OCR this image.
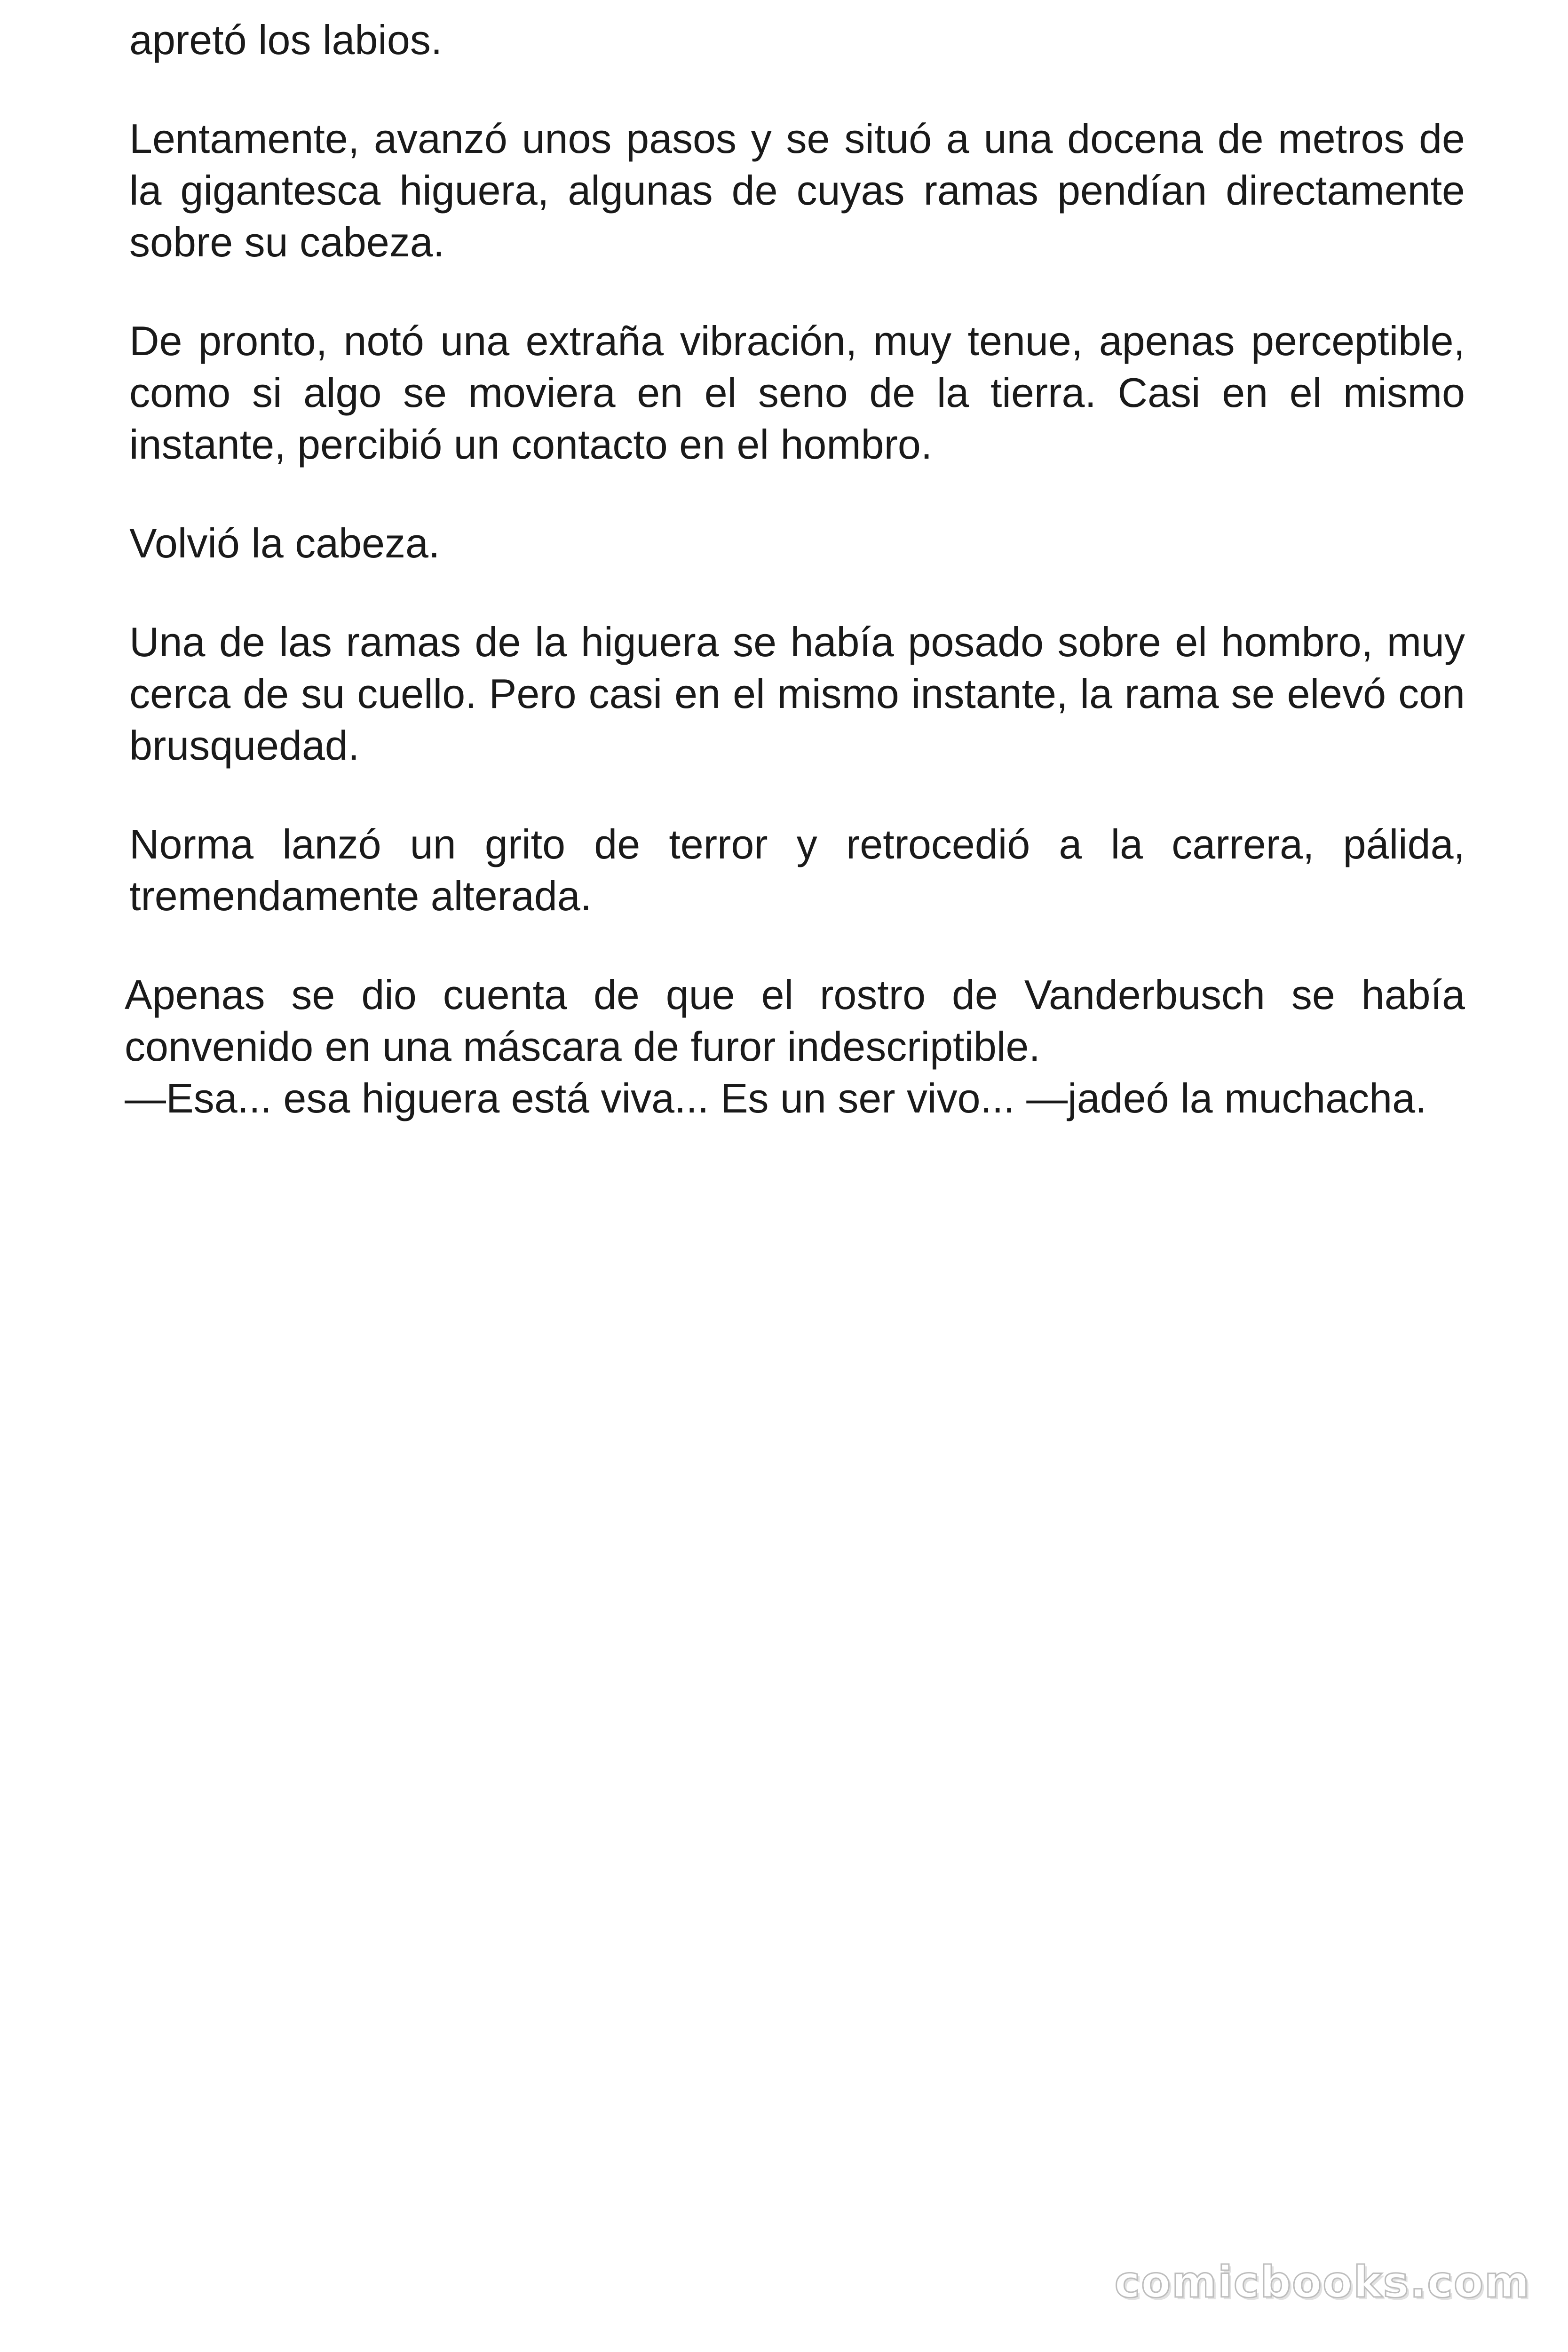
apretó los labios.

Lentamente, avanzó unos pasos y se situó a una docena de metros de la gigantesca higuera, algunas de cuyas ramas pendían directamente sobre su cabeza.

De pronto, notó una extraña vibración, muy tenue, apenas perceptible, como si algo se moviera en el seno de la tierra. Casi en el mismo instante, percibió un contacto en el hombro.

Volvió la cabeza.

Una de las ramas de la higuera se había posado sobre el hombro, muy cerca de su cuello. Pero casi en el mismo instante, la rama se elevó con brusquedad.

Norma lanzó un grito de terror y retrocedió a la carrera, pálida, tremendamente alterada.

Apenas se dio cuenta de que el rostro de Vanderbusch se había convenido en una máscara de furor indescriptible.

—Esa... esa higuera está viva... Es un ser vivo... —jadeó la muchacha.

comicbooks.com
